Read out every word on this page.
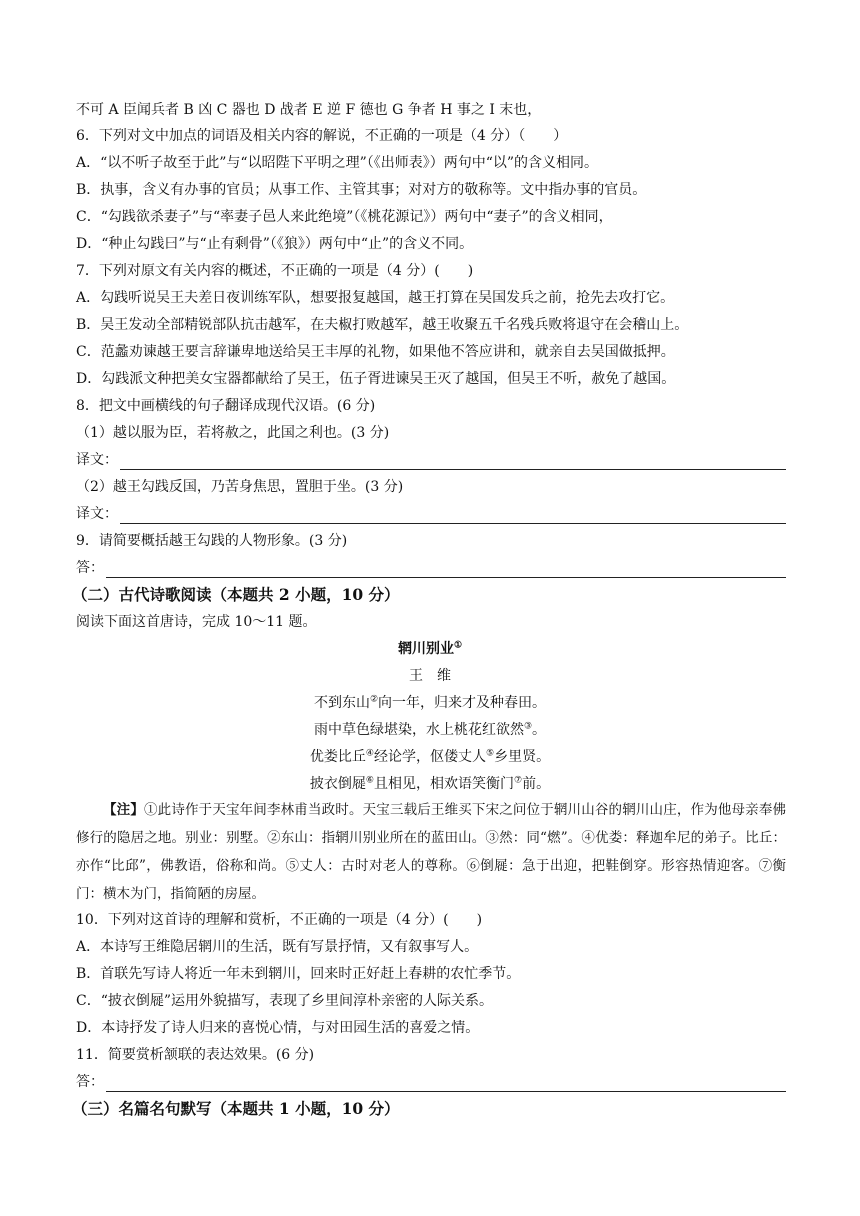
不可 A 臣闻兵者 B 凶 C 器也 D 战者 E 逆 F 德也 G 争者 H 事之 I 末也，
6．下列对文中加点的词语及相关内容的解说，不正确的一项是（4 分）（　　）
A．“以不听子故至于此”与“以昭陛下平明之理”（《出师表》）两句中“以”的含义相同。
B．执事，含义有办事的官员；从事工作、主管其事；对对方的敬称等。文中指办事的官员。
C．“勾践欲杀妻子”与“率妻子邑人来此绝境”（《桃花源记》）两句中“妻子”的含义相同，
D．“种止勾践曰”与“止有剩骨”（《狼》）两句中“止”的含义不同。
7．下列对原文有关内容的概述，不正确的一项是（4 分）(　　)
A．勾践听说吴王夫差日夜训练军队，想要报复越国，越王打算在吴国发兵之前，抢先去攻打它。
B．吴王发动全部精锐部队抗击越军，在夫椒打败越军，越王收聚五千名残兵败将退守在会稽山上。
C．范蠡劝谏越王要言辞谦卑地送给吴王丰厚的礼物，如果他不答应讲和，就亲自去吴国做抵押。
D．勾践派文种把美女宝器都献给了吴王，伍子胥进谏吴王灭了越国，但吴王不听，赦免了越国。
8．把文中画横线的句子翻译成现代汉语。(6 分)
（1）越以服为臣，若将赦之，此国之利也。(3 分)
译文：
（2）越王勾践反国，乃苦身焦思，置胆于坐。(3 分)
译文：
9．请简要概括越王勾践的人物形象。(3 分)
答：
（二）古代诗歌阅读（本题共 2 小题，10 分）
阅读下面这首唐诗，完成 10～11 题。
辋川别业①
王　维
不到东山②向一年，归来才及种春田。
雨中草色绿堪染，水上桃花红欲然③。
优娄比丘④经论学，伛偻丈人⑤乡里贤。
披衣倒屣⑥且相见，相欢语笑衡门⑦前。
【注】①此诗作于天宝年间李林甫当政时。天宝三载后王维买下宋之问位于辋川山谷的辋川山庄，作为他母亲奉佛修行的隐居之地。别业：别墅。②东山：指辋川别业所在的蓝田山。③然：同“燃”。④优娄：释迦牟尼的弟子。比丘：亦作“比邱”，佛教语，俗称和尚。⑤丈人：古时对老人的尊称。⑥倒屣：急于出迎，把鞋倒穿。形容热情迎客。⑦衡门：横木为门，指简陋的房屋。
10．下列对这首诗的理解和赏析，不正确的一项是（4 分）(　　)
A．本诗写王维隐居辋川的生活，既有写景抒情，又有叙事写人。
B．首联先写诗人将近一年未到辋川，回来时正好赶上春耕的农忙季节。
C．“披衣倒屣”运用外貌描写，表现了乡里间淳朴亲密的人际关系。
D．本诗抒发了诗人归来的喜悦心情，与对田园生活的喜爱之情。
11．简要赏析颔联的表达效果。(6 分)
答：
（三）名篇名句默写（本题共 1 小题，10 分）
